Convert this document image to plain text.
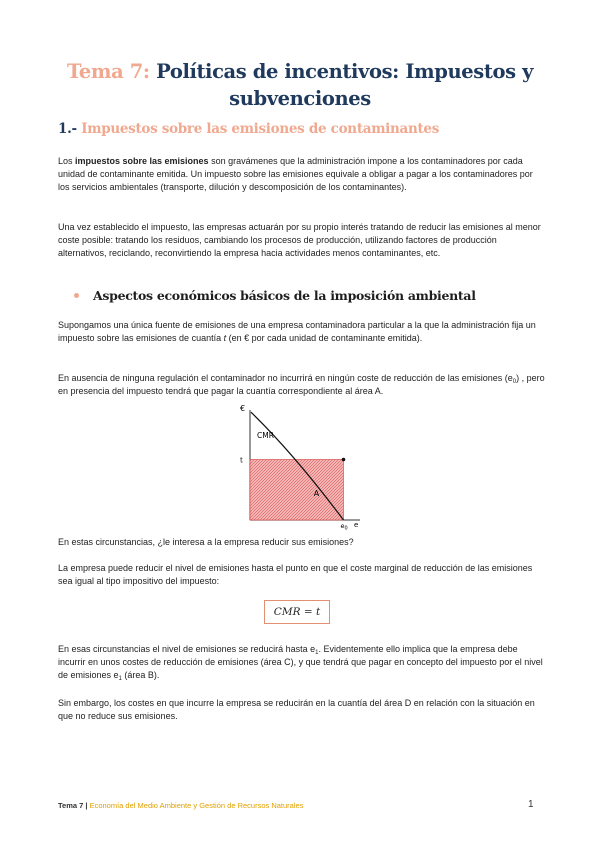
Tema 7: Políticas de incentivos: Impuestos y
subvenciones
1.- Impuestos sobre las emisiones de contaminantes

Los impuestos sobre las emisiones son gravámenes que la administración impone a los contaminadores por cada unidad de contaminante emitida. Un impuesto sobre las emisiones equivale a obligar a pagar a los contaminadores por los servicios ambientales (transporte, dilución y descomposición de los contaminantes).

Una vez establecido el impuesto, las empresas actuarán por su propio interés tratando de reducir las emisiones al menor coste posible: tratando los residuos, cambiando los procesos de producción, utilizando factores de producción alternativos, reciclando, reconvirtiendo la empresa hacia actividades menos contaminantes, etc.

Aspectos económicos básicos de la imposición ambiental

Supongamos una única fuente de emisiones de una empresa contaminadora particular a la que la administración fija un impuesto sobre las emisiones de cuantía t (en € por cada unidad de contaminante emitida).

En ausencia de ninguna regulación el contaminador no incurrirá en ningún coste de reducción de las emisiones $(e_0)$ , pero en presencia del impuesto tendrá que pagar la cuantía correspondiente al área A.

€
CMR
t
A
$e_0$ e

En estas circunstancias, ¿le interesa a la empresa reducir sus emisiones?

La empresa puede reducir el nivel de emisiones hasta el punto en que el coste marginal de reducción de las emisiones sea igual al tipo impositivo del impuesto:

CMR = t

En esas circunstancias el nivel de emisiones se reducirá hasta $e_1$. Evidentemente ello implica que la empresa debe incurrir en unos costes de reducción de emisiones (área C), y que tendrá que pagar en concepto del impuesto por el nivel de emisiones $e_1$ (área B).

Sin embargo, los costes en que incurre la empresa se reducirán en la cuantía del área D en relación con la situación en que no reduce sus emisiones.

Tema 7 | Economía del Medio Ambiente y Gestión de Recursos Naturales	1
